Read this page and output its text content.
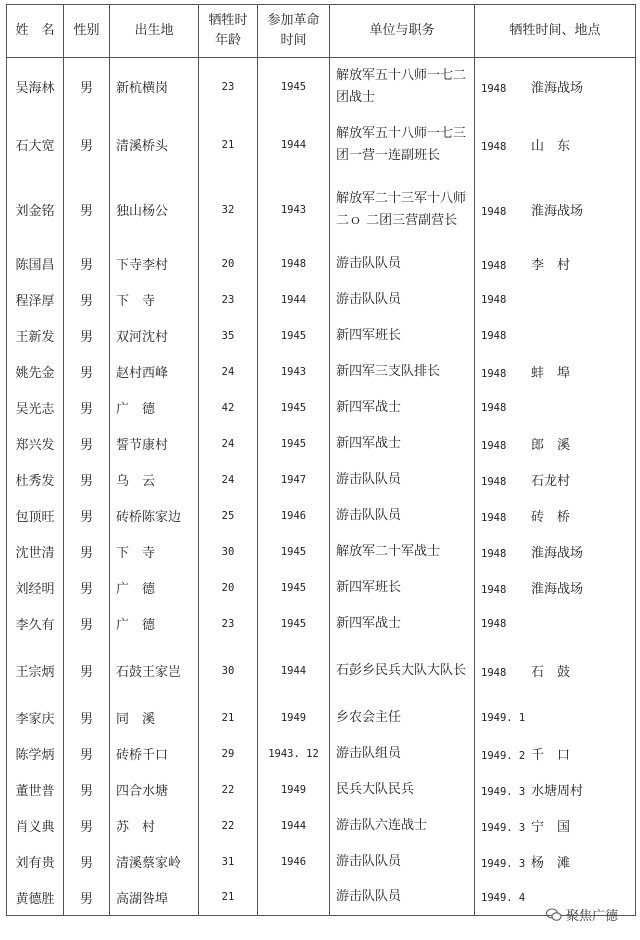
姓　名	性别	出生地	牺牲时年龄	参加革命时间	单位与职务	牺牲时间、地点
吴海林	男	新杭横岗	23	1945	解放军五十八师一七二团战士	1948 淮海战场
石大宽	男	清溪桥头	21	1944	解放军五十八师一七三团一营一连副班长	1948 山　东
刘金铭	男	独山杨公	32	1943	解放军二十三军十八师二ｏ 二团三营副营长	1948 淮海战场
陈国昌	男	下寺李村	20	1948	游击队队员	1948 李　村
程泽厚	男	下　寺	23	1944	游击队队员	1948
王新发	男	双河沈村	35	1945	新四军班长	1948
姚先金	男	赵村西峰	24	1943	新四军三支队排长	1948 蚌　埠
吴光志	男	广　德	42	1945	新四军战士	1948
郑兴发	男	誓节康村	24	1945	新四军战士	1948 郎　溪
杜秀发	男	乌　云	24	1947	游击队队员	1948 石龙村
包顶旺	男	砖桥陈家边	25	1946	游击队队员	1948 砖　桥
沈世清	男	下　寺	30	1945	解放军二十军战士	1948 淮海战场
刘经明	男	广　德	20	1945	新四军班长	1948 淮海战场
李久有	男	广　德	23	1945	新四军战士	1948
王宗炳	男	石鼓王家岂	30	1944	石彭乡民兵大队大队长	1948 石　鼓
李家庆	男	同　溪	21	1949	乡农会主任	1949. 1
陈学炳	男	砖桥千口	29	1943. 12	游击队组员	1949. 2 千　口
董世普	男	四合水塘	22	1949	民兵大队民兵	1949. 3 水塘周村
肖义典	男	苏　村	22	1944	游击队六连战士	1949. 3 宁　国
刘有贵	男	清溪蔡家岭	31	1946	游击队队员	1949. 3 杨　滩
黄德胜	男	高湖咎埠	21		游击队队员	1949. 4
聚焦广德
